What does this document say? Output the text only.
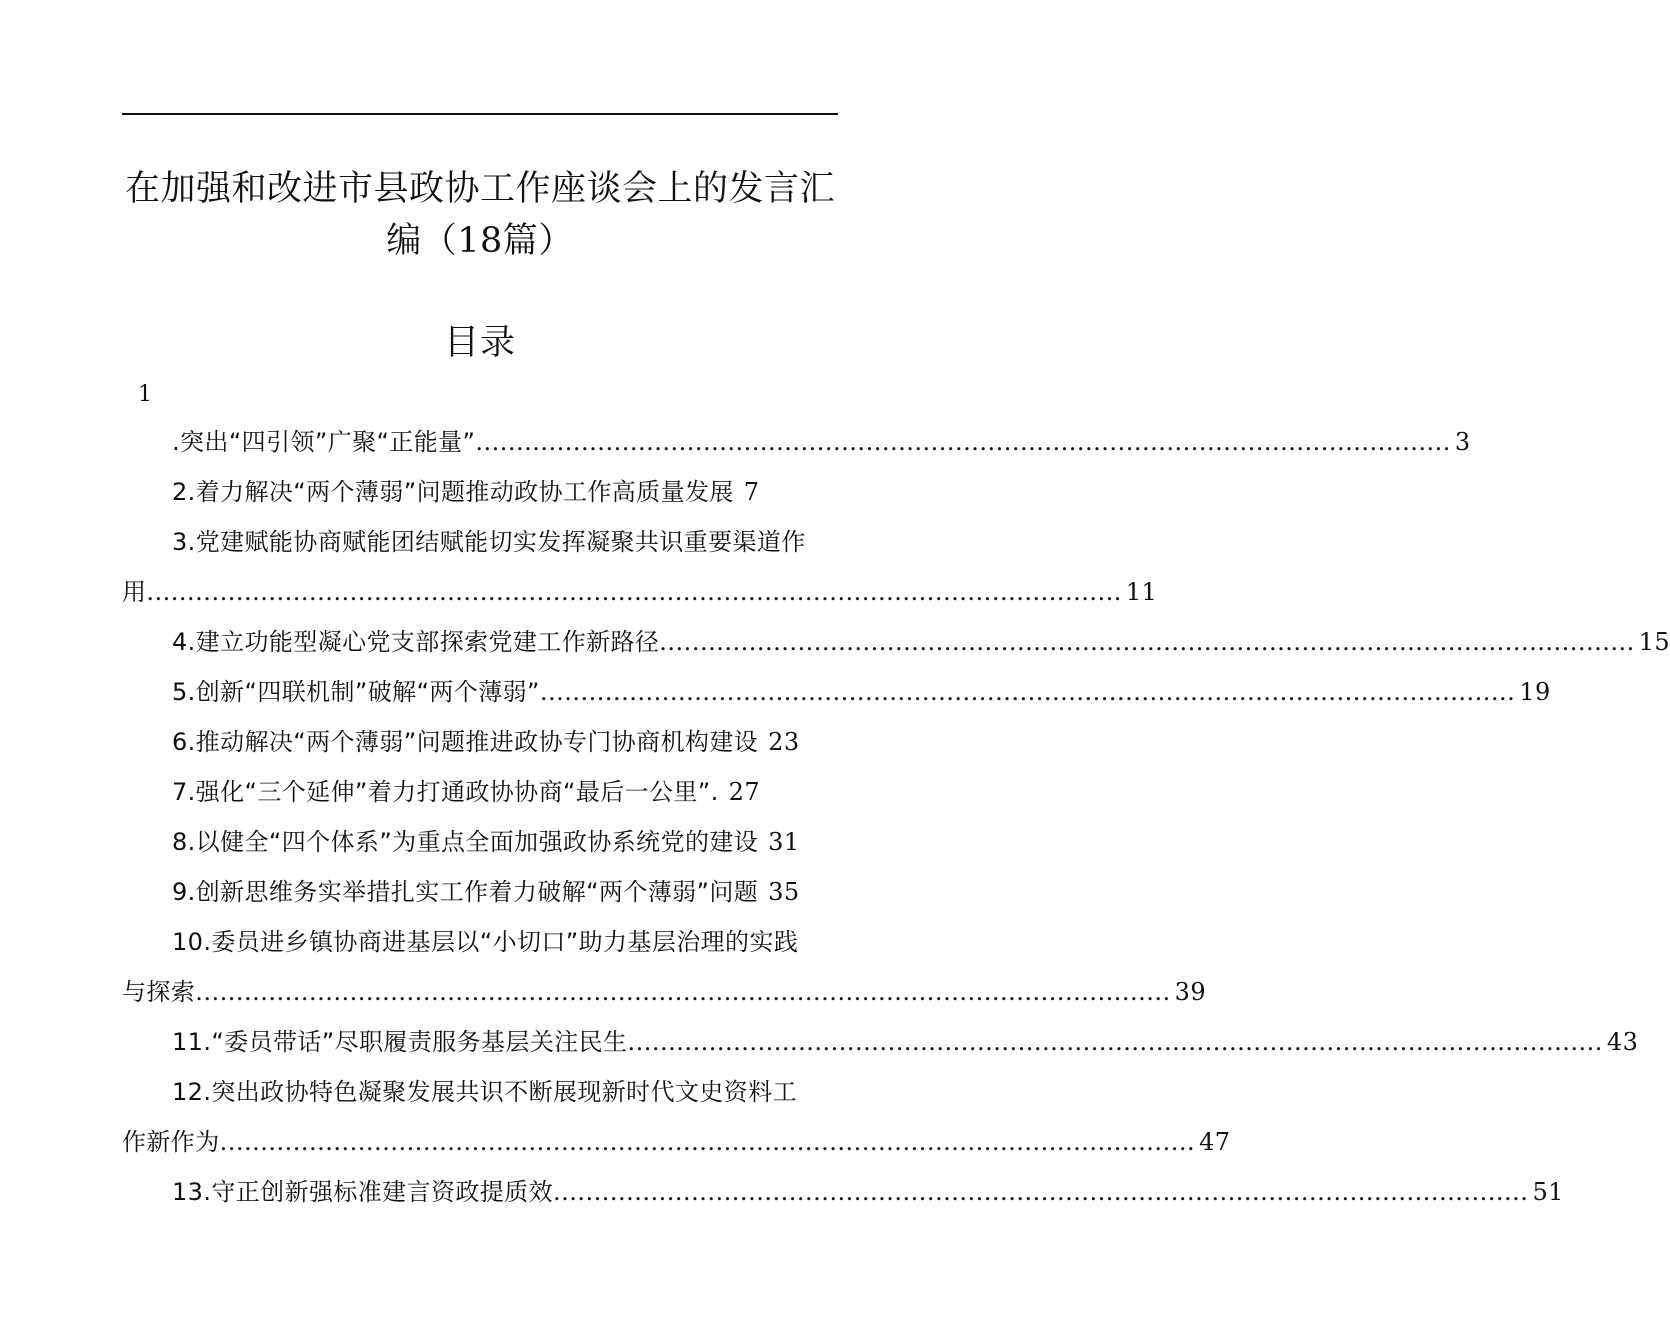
在加强和改进市县政协工作座谈会上的发言汇
编（18篇）
目录
1
.突出“四引领”广聚“正能量” ........................................................................................................................ 3
2.着力解决“两个薄弱”问题推动政协工作高质量发展 7
3.党建赋能协商赋能团结赋能切实发挥凝聚共识重要渠道作
用 ........................................................................................................................ 11
4.建立功能型凝心党支部探索党建工作新路径 ........................................................................................................................ 15
5.创新“四联机制”破解“两个薄弱” ........................................................................................................................ 19
6.推动解决“两个薄弱”问题推进政协专门协商机构建设 23
7.强化“三个延伸”着力打通政协协商“最后一公里”. 27
8.以健全“四个体系”为重点全面加强政协系统党的建设 31
9.创新思维务实举措扎实工作着力破解“两个薄弱”问题 35
10.委员进乡镇协商进基层以“小切口”助力基层治理的实践
与探索 ........................................................................................................................ 39
11.“委员带话”尽职履责服务基层关注民生 ........................................................................................................................ 43
12.突出政协特色凝聚发展共识不断展现新时代文史资料工
作新作为 ........................................................................................................................ 47
13.守正创新强标准建言资政提质效 ........................................................................................................................ 51
